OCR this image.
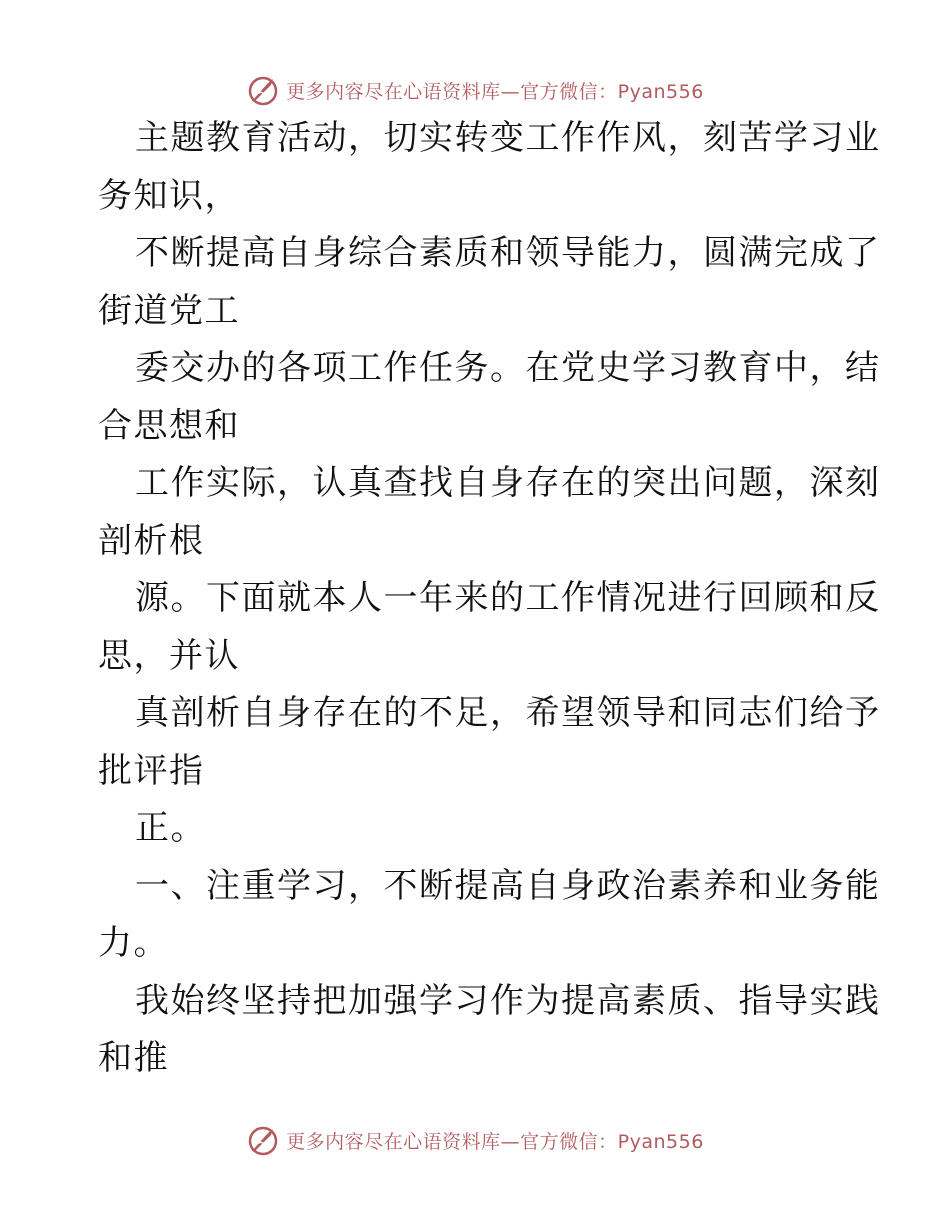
更多内容尽在心语资料库—官方微信：Pyan556
主题教育活动，切实转变工作作风，刻苦学习业
务知识，
不断提高自身综合素质和领导能力，圆满完成了
街道党工
委交办的各项工作任务。在党史学习教育中，结
合思想和
工作实际，认真查找自身存在的突出问题，深刻
剖析根
源。下面就本人一年来的工作情况进行回顾和反
思，并认
真剖析自身存在的不足，希望领导和同志们给予
批评指
正。
一、注重学习，不断提高自身政治素养和业务能
力。
我始终坚持把加强学习作为提高素质、指导实践
和推
更多内容尽在心语资料库—官方微信：Pyan556
